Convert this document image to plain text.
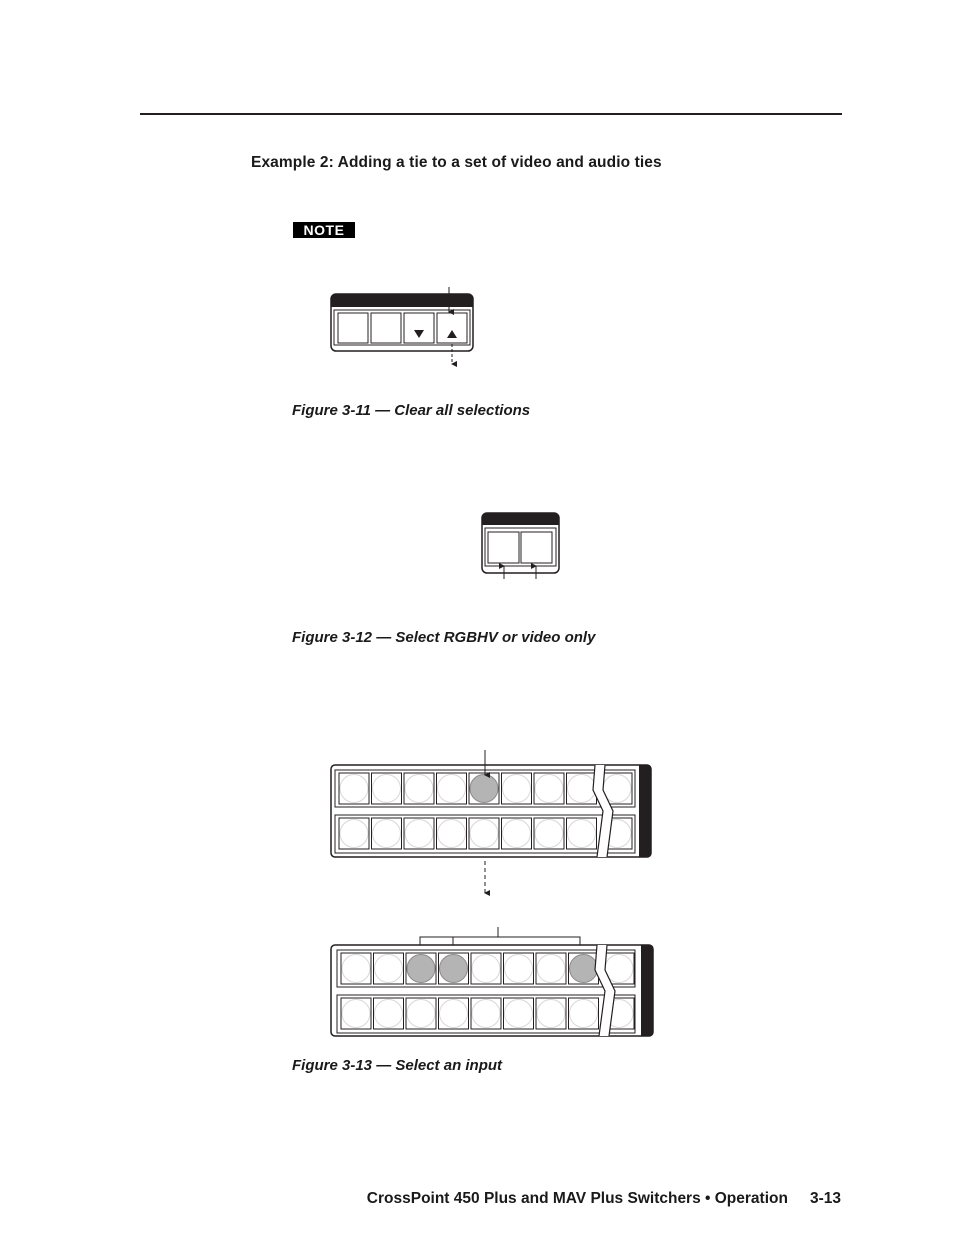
Example 2: Adding a tie to a set of video and audio ties
NOTE
Figure 3-11 — Clear all selections
Figure 3-12 — Select RGBHV or video only
Figure 3-13 — Select an input
CrossPoint 450 Plus and MAV Plus Switchers • Operation 3-13
